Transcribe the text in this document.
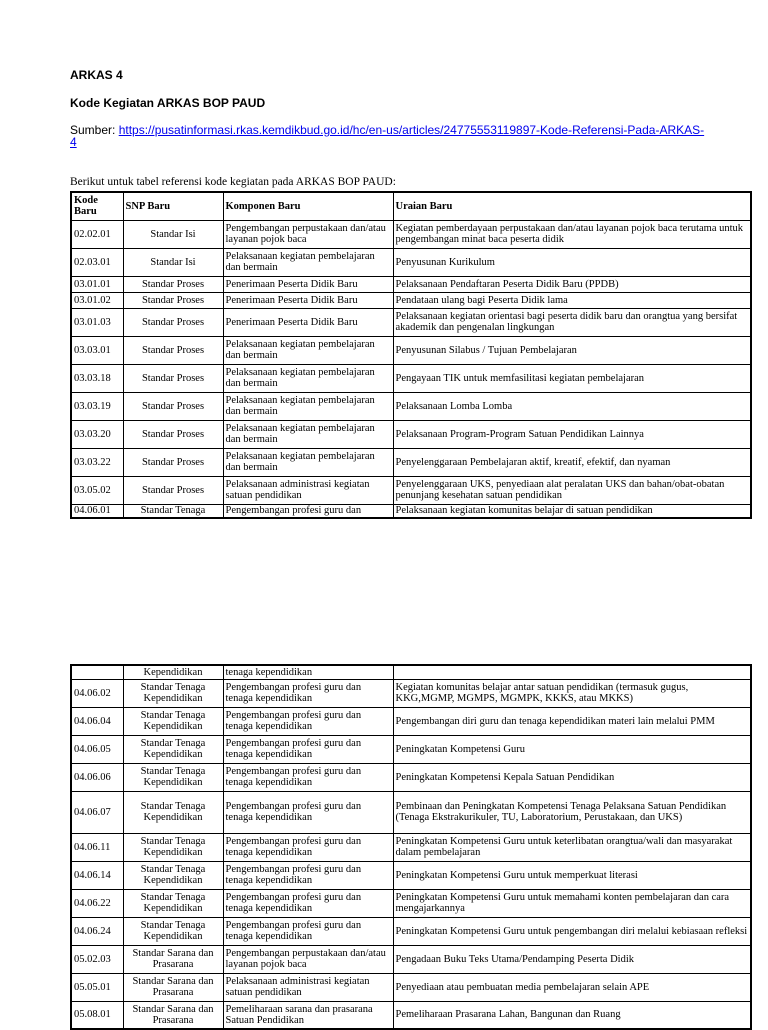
ARKAS 4
Kode Kegiatan ARKAS BOP PAUD
Sumber: https://pusatinformasi.rkas.kemdikbud.go.id/hc/en-us/articles/24775553119897-Kode-Referensi-Pada-ARKAS-4
Berikut untuk tabel referensi kode kegiatan pada ARKAS BOP PAUD:
Kode Baru	SNP Baru	Komponen Baru	Uraian Baru
02.02.01	Standar Isi	Pengembangan perpustakaan dan/atau layanan pojok baca	Kegiatan pemberdayaan perpustakaan dan/atau layanan pojok baca terutama untuk pengembangan minat baca peserta didik
02.03.01	Standar Isi	Pelaksanaan kegiatan pembelajaran dan bermain	Penyusunan Kurikulum
03.01.01	Standar Proses	Penerimaan Peserta Didik Baru	Pelaksanaan Pendaftaran Peserta Didik Baru (PPDB)
03.01.02	Standar Proses	Penerimaan Peserta Didik Baru	Pendataan ulang bagi Peserta Didik lama
03.01.03	Standar Proses	Penerimaan Peserta Didik Baru	Pelaksanaan kegiatan orientasi bagi peserta didik baru dan orangtua yang bersifat akademik dan pengenalan lingkungan
03.03.01	Standar Proses	Pelaksanaan kegiatan pembelajaran dan bermain	Penyusunan Silabus / Tujuan Pembelajaran
03.03.18	Standar Proses	Pelaksanaan kegiatan pembelajaran dan bermain	Pengayaan TIK untuk memfasilitasi kegiatan pembelajaran
03.03.19	Standar Proses	Pelaksanaan kegiatan pembelajaran dan bermain	Pelaksanaan Lomba Lomba
03.03.20	Standar Proses	Pelaksanaan kegiatan pembelajaran dan bermain	Pelaksanaan Program-Program Satuan Pendidikan Lainnya
03.03.22	Standar Proses	Pelaksanaan kegiatan pembelajaran dan bermain	Penyelenggaraan Pembelajaran aktif, kreatif, efektif, dan nyaman
03.05.02	Standar Proses	Pelaksanaan administrasi kegiatan satuan pendidikan	Penyelenggaraan UKS, penyediaan alat peralatan UKS dan bahan/obat-obatan penunjang kesehatan satuan pendidikan
04.06.01	Standar Tenaga	Pengembangan profesi guru dan	Pelaksanaan kegiatan komunitas belajar di satuan pendidikan
	Kependidikan	tenaga kependidikan	
04.06.02	Standar Tenaga Kependidikan	Pengembangan profesi guru dan tenaga kependidikan	Kegiatan komunitas belajar antar satuan pendidikan (termasuk gugus, KKG,MGMP, MGMPS, MGMPK, KKKS, atau MKKS)
04.06.04	Standar Tenaga Kependidikan	Pengembangan profesi guru dan tenaga kependidikan	Pengembangan diri guru dan tenaga kependidikan materi lain melalui PMM
04.06.05	Standar Tenaga Kependidikan	Pengembangan profesi guru dan tenaga kependidikan	Peningkatan Kompetensi Guru
04.06.06	Standar Tenaga Kependidikan	Pengembangan profesi guru dan tenaga kependidikan	Peningkatan Kompetensi Kepala Satuan Pendidikan
04.06.07	Standar Tenaga Kependidikan	Pengembangan profesi guru dan tenaga kependidikan	Pembinaan dan Peningkatan Kompetensi Tenaga Pelaksana Satuan Pendidikan (Tenaga Ekstrakurikuler, TU, Laboratorium, Perustakaan, dan UKS)
04.06.11	Standar Tenaga Kependidikan	Pengembangan profesi guru dan tenaga kependidikan	Peningkatan Kompetensi Guru untuk keterlibatan orangtua/wali dan masyarakat dalam pembelajaran
04.06.14	Standar Tenaga Kependidikan	Pengembangan profesi guru dan tenaga kependidikan	Peningkatan Kompetensi Guru untuk memperkuat literasi
04.06.22	Standar Tenaga Kependidikan	Pengembangan profesi guru dan tenaga kependidikan	Peningkatan Kompetensi Guru untuk memahami konten pembelajaran dan cara mengajarkannya
04.06.24	Standar Tenaga Kependidikan	Pengembangan profesi guru dan tenaga kependidikan	Peningkatan Kompetensi Guru untuk pengembangan diri melalui kebiasaan refleksi
05.02.03	Standar Sarana dan Prasarana	Pengembangan perpustakaan dan/atau layanan pojok baca	Pengadaan Buku Teks Utama/Pendamping Peserta Didik
05.05.01	Standar Sarana dan Prasarana	Pelaksanaan administrasi kegiatan satuan pendidikan	Penyediaan atau pembuatan media pembelajaran selain APE
05.08.01	Standar Sarana dan Prasarana	Pemeliharaan sarana dan prasarana Satuan Pendidikan	Pemeliharaan Prasarana Lahan, Bangunan dan Ruang
